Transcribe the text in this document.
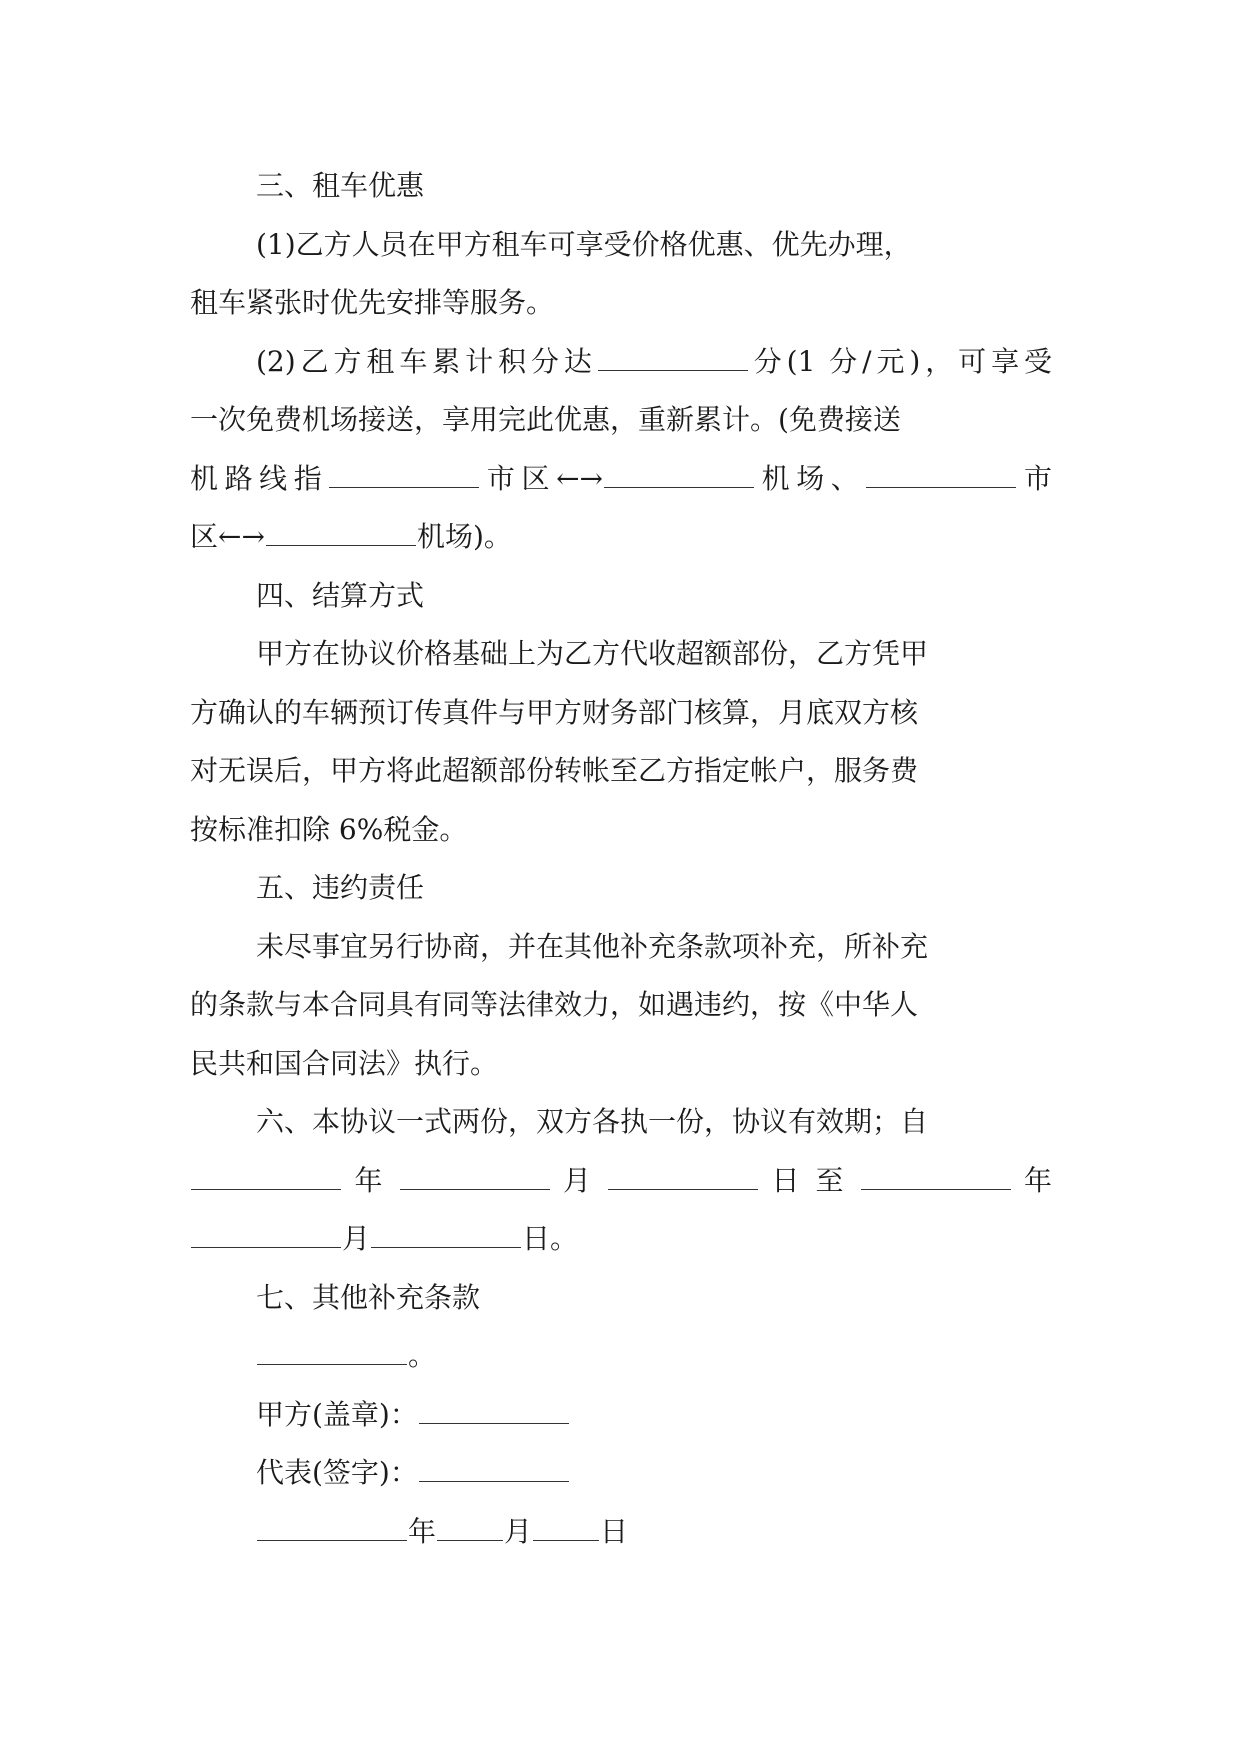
三、租车优惠
(1)乙方人员在甲方租车可享受价格优惠、优先办理，
租车紧张时优先安排等服务。
(2)乙方租车累计积分达	分(1 分/元)，可享受
一次免费机场接送，享用完此优惠，重新累计。(免费接送
机路线指	市区←→	机场、	市
区←→	机场)。
四、结算方式
甲方在协议价格基础上为乙方代收超额部份，乙方凭甲
方确认的车辆预订传真件与甲方财务部门核算，月底双方核
对无误后，甲方将此超额部份转帐至乙方指定帐户，服务费
按标准扣除 6%税金。
五、违约责任
未尽事宜另行协商，并在其他补充条款项补充，所补充
的条款与本合同具有同等法律效力，如遇违约，按《中华人
民共和国合同法》执行。
六、本协议一式两份，双方各执一份，协议有效期；自
年	月	日 至	年
月	日。
七、其他补充条款
。
甲方(盖章)：
代表(签字)：
年 月 日
